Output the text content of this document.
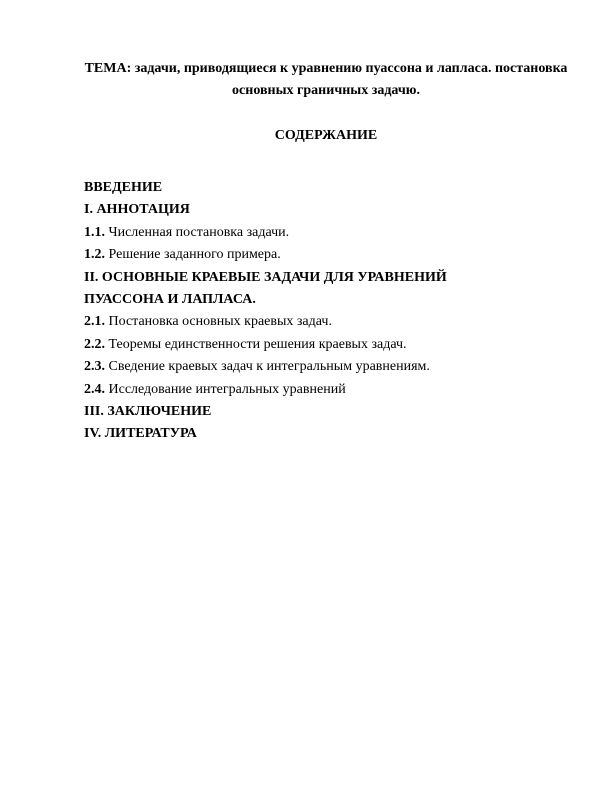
ТЕМА: задачи, приводящиеся к уравнению пуассона и лапласа. постановка основных граничных задачю.
СОДЕРЖАНИЕ
ВВЕДЕНИЕ
I. АННОТАЦИЯ
1.1. Численная постановка задачи.
1.2. Решение заданного примера.
II. ОСНОВНЫЕ КРАЕВЫЕ ЗАДАЧИ ДЛЯ УРАВНЕНИЙ
ПУАССОНА И ЛАПЛАСА.
2.1. Постановка основных краевых задач.
2.2. Теоремы единственности решения краевых задач.
2.3. Сведение краевых задач к интегральным уравнениям.
2.4. Исследование интегральных уравнений
III. ЗАКЛЮЧЕНИЕ
IV. ЛИТЕРАТУРА
